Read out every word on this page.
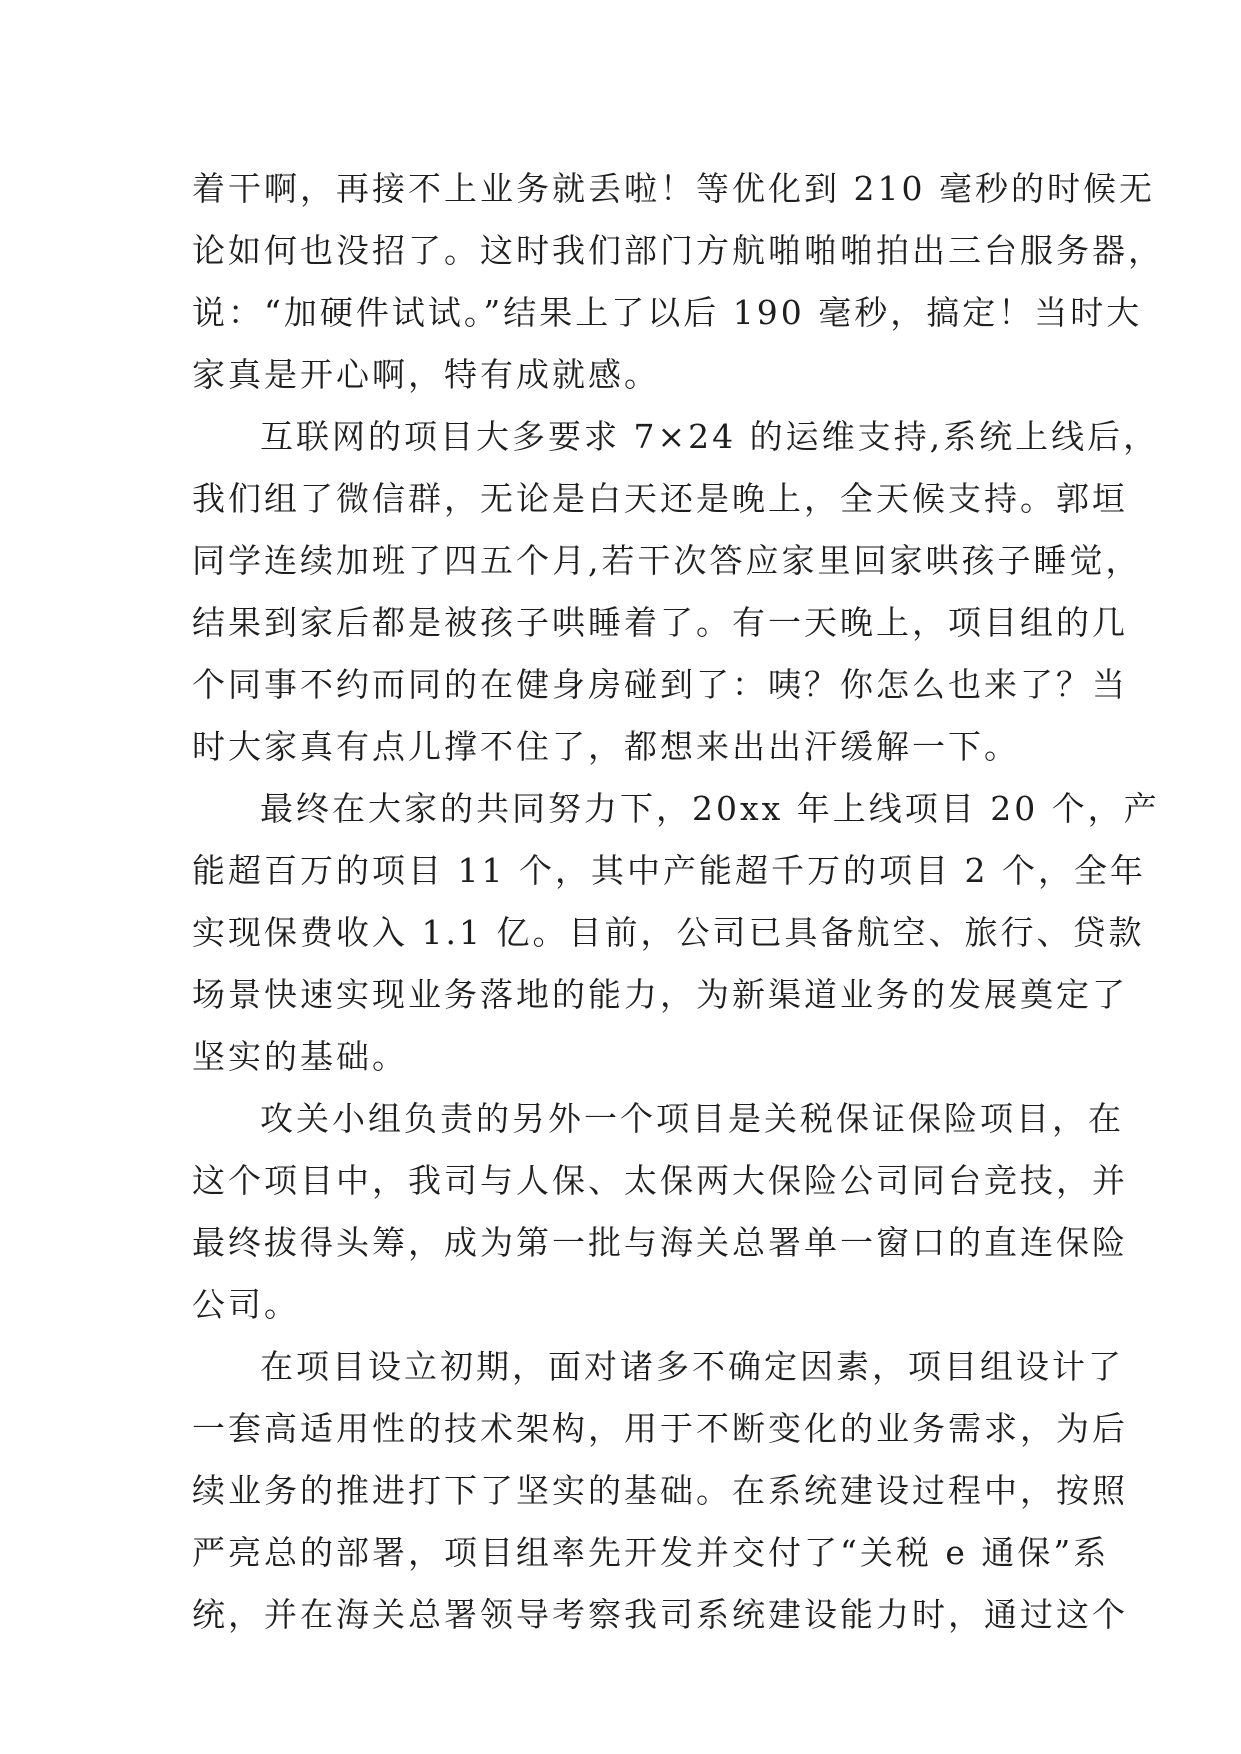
着干啊，再接不上业务就丢啦！等优化到 210 毫秒的时候无
论如何也没招了。这时我们部门方航啪啪啪拍出三台服务器，
说：“加硬件试试。”结果上了以后 190 毫秒，搞定！当时大
家真是开心啊，特有成就感。
互联网的项目大多要求 7×24 的运维支持,系统上线后，
我们组了微信群，无论是白天还是晚上，全天候支持。郭垣
同学连续加班了四五个月,若干次答应家里回家哄孩子睡觉，
结果到家后都是被孩子哄睡着了。有一天晚上，项目组的几
个同事不约而同的在健身房碰到了：咦？你怎么也来了？当
时大家真有点儿撑不住了，都想来出出汗缓解一下。
最终在大家的共同努力下，20xx 年上线项目 20 个，产
能超百万的项目 11 个，其中产能超千万的项目 2 个，全年
实现保费收入 1.1 亿。目前，公司已具备航空、旅行、贷款
场景快速实现业务落地的能力，为新渠道业务的发展奠定了
坚实的基础。
攻关小组负责的另外一个项目是关税保证保险项目，在
这个项目中，我司与人保、太保两大保险公司同台竞技，并
最终拔得头筹，成为第一批与海关总署单一窗口的直连保险
公司。
在项目设立初期，面对诸多不确定因素，项目组设计了
一套高适用性的技术架构，用于不断变化的业务需求，为后
续业务的推进打下了坚实的基础。在系统建设过程中，按照
严亮总的部署，项目组率先开发并交付了“关税 e 通保”系
统，并在海关总署领导考察我司系统建设能力时，通过这个
